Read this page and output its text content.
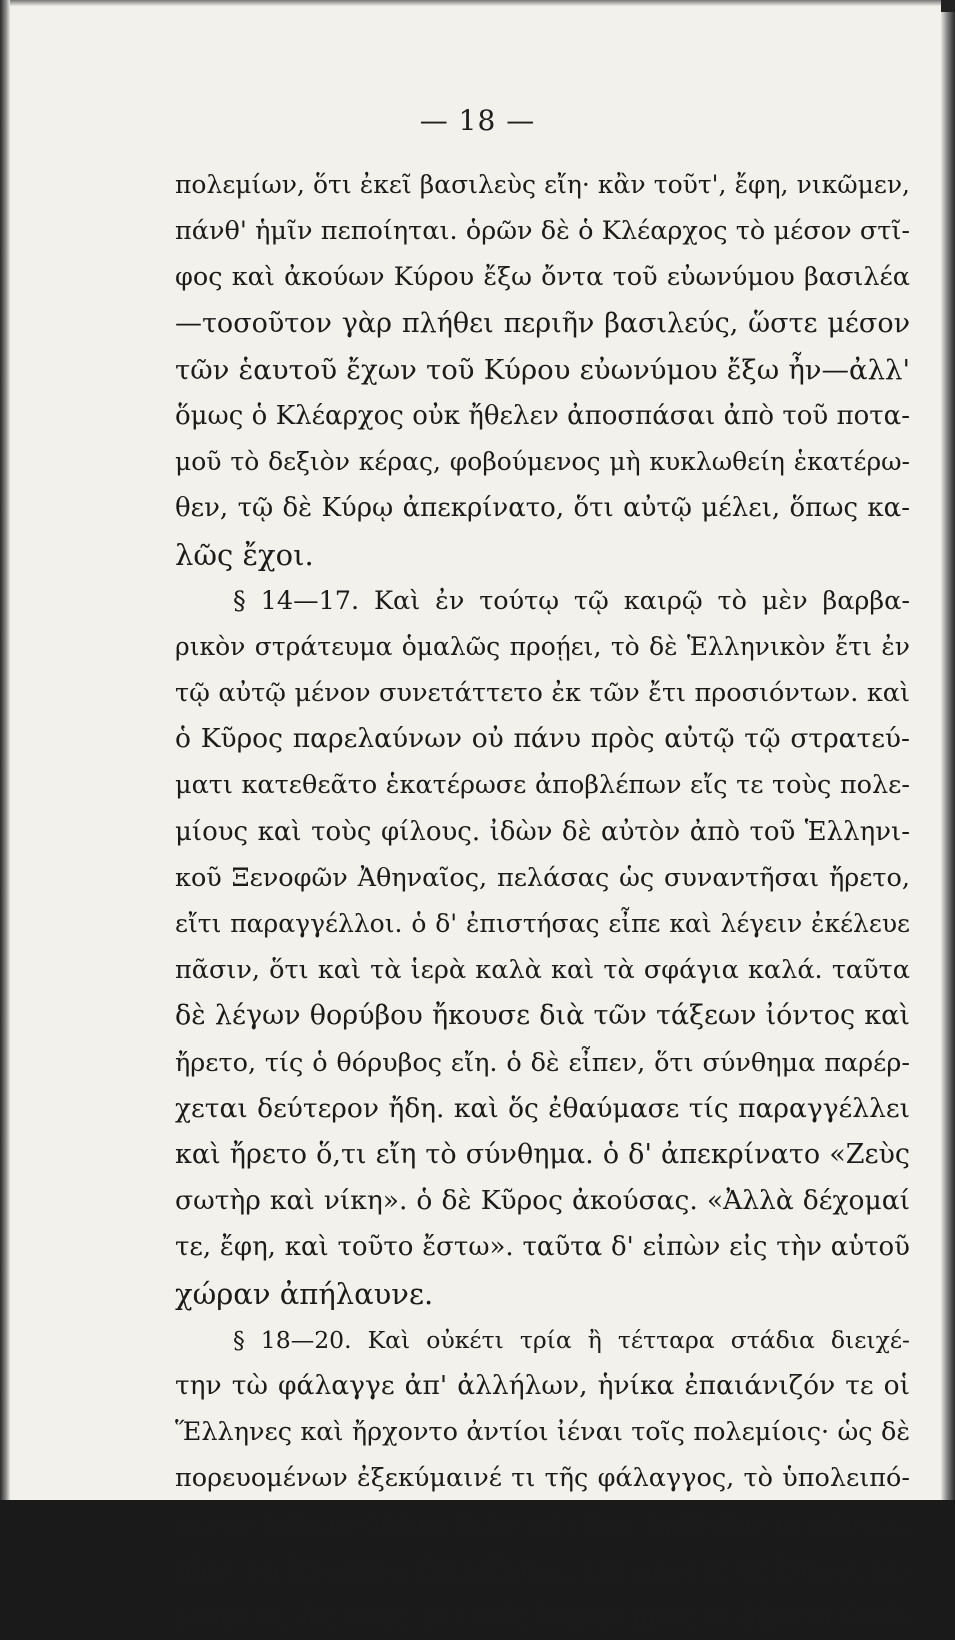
— 18 —
πολεμίων, ὅτι ἐκεῖ βασιλεὺς εἴη· κἂν τοῦτ', ἔφη, νικῶμεν,
πάνθ' ἡμῖν πεποίηται. ὁρῶν δὲ ὁ Κλέαρχος τὸ μέσον στῖ-
φος καὶ ἀκούων Κύρου ἔξω ὄντα τοῦ εὐωνύμου βασιλέα
—τοσοῦτον γὰρ πλήθει περιῆν βασιλεύς, ὥστε μέσον
τῶν ἑαυτοῦ ἔχων τοῦ Κύρου εὐωνύμου ἔξω ἦν—ἀλλ'
ὅμως ὁ Κλέαρχος οὐκ ἤθελεν ἀποσπάσαι ἀπὸ τοῦ ποτα-
μοῦ τὸ δεξιὸν κέρας, φοβούμενος μὴ κυκλωθείη ἑκατέρω-
θεν, τῷ δὲ Κύρῳ ἀπεκρίνατο, ὅτι αὐτῷ μέλει, ὅπως κα-
λῶς ἔχοι.
§ 14—17. Καὶ ἐν τούτῳ τῷ καιρῷ τὸ μὲν βαρβα-
ρικὸν στράτευμα ὁμαλῶς προῄει, τὸ δὲ Ἑλληνικὸν ἔτι ἐν
τῷ αὐτῷ μένον συνετάττετο ἐκ τῶν ἔτι προσιόντων. καὶ
ὁ Κῦρος παρελαύνων οὐ πάνυ πρὸς αὐτῷ τῷ στρατεύ-
ματι κατεθεᾶτο ἑκατέρωσε ἀποβλέπων εἴς τε τοὺς πολε-
μίους καὶ τοὺς φίλους. ἰδὼν δὲ αὐτὸν ἀπὸ τοῦ Ἑλληνι-
κοῦ Ξενοφῶν Ἀθηναῖος, πελάσας ὡς συναντῆσαι ἤρετο,
εἴτι παραγγέλλοι. ὁ δ' ἐπιστήσας εἶπε καὶ λέγειν ἐκέλευε
πᾶσιν, ὅτι καὶ τὰ ἱερὰ καλὰ καὶ τὰ σφάγια καλά. ταῦτα
δὲ λέγων θορύβου ἤκουσε διὰ τῶν τάξεων ἰόντος καὶ
ἤρετο, τίς ὁ θόρυβος εἴη. ὁ δὲ εἶπεν, ὅτι σύνθημα παρέρ-
χεται δεύτερον ἤδη. καὶ ὅς ἐθαύμασε τίς παραγγέλλει
καὶ ἤρετο ὅ,τι εἴη τὸ σύνθημα. ὁ δ' ἀπεκρίνατο «Ζεὺς
σωτὴρ καὶ νίκη». ὁ δὲ Κῦρος ἀκούσας. «Ἀλλὰ δέχομαί
τε, ἔφη, καὶ τοῦτο ἔστω». ταῦτα δ' εἰπὼν εἰς τὴν αὑτοῦ
χώραν ἀπήλαυνε.
§ 18—20. Καὶ οὐκέτι τρία ἢ τέτταρα στάδια διειχέ-
την τὼ φάλαγγε ἀπ' ἀλλήλων, ἡνίκα ἐπαιάνιζόν τε οἱ
Ἕλληνες καὶ ἤρχοντο ἀντίοι ἰέναι τοῖς πολεμίοις· ὡς δὲ
πορευομένων ἐξεκύμαινέ τι τῆς φάλαγγος, τὸ ὑπολειπό-
μενον ἤρξατο δρόμῳ θεῖν· καὶ ἅμα ἐφθέγξαντο πάντες,
οἷον τῷ Ἐνυαλίῳ ἐλελίζουσι, καὶ πάντες δὲ ἔθεον. λέ-
γουσι δέ, ὥς τινες καὶ ταῖς ἀσπίσι πρὸς τὰ δόρατα ἐδού-
